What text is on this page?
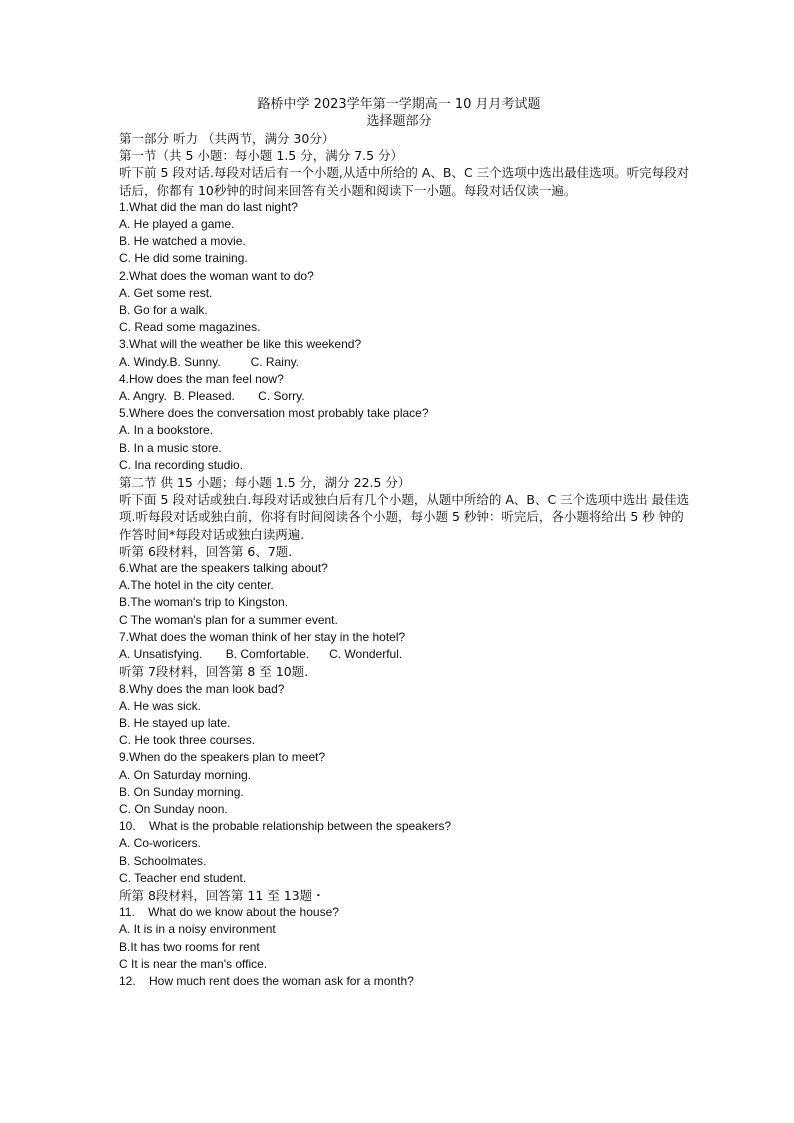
路桥中学 2023学年第一学期高一 10 月月考试题
选择题部分
第一部分 听力 （共两节，满分 30分）
第一节（共 5 小题：每小题 1.5 分，满分 7.5 分）
听下前 5 段对话.每段对话后有一个小题,从适中所给的 A、B、C 三个选项中选出最佳选项。听完每段对话后，你都有 10秒钟的时间来回答有关小题和阅读下一小题。每段对话仅读一遍。
1.What did the man do last night?
A. He played a game.
B. He watched a movie.
C. He did some training.
2.What does the woman want to do?
A. Get some rest.
B. Go for a walk.
C. Read some magazines.
3.What will the weather be like this weekend?
A. Windy.B. Sunny.         C. Rainy.
4.How does the man feel now?
A. Angry.  B. Pleased.       C. Sorry.
5.Where does the conversation most probably take place?
A. In a bookstore.
B. In a music store.
C. Ina recording studio.
第二节 供 15 小题；每小题 1.5 分，湖分 22.5 分）
听下面 5 段对话或独白.每段对话或独白后有几个小题，从题中所给的 A、B、C 三个选项中选出 最佳选项.听每段对话或独白前，你将有时间阅读各个小题，每小题 5 秒钟：听完后，各小题将给出 5 秒 钟的作答时间*每段对话或独白读两遍.
听第 6段材料，回答第 6、7题.
6.What are the speakers talking about?
A.The hotel in the city center.
B.The woman's trip to Kingston.
C The woman's plan for a summer event.
7.What does the woman think of her stay in the hotel?
A. Unsatisfying.       B. Comfortable.      C. Wonderful.
听第 7段材料，回答第 8 至 10题.
8.Why does the man look bad?
A. He was sick.
B. He stayed up late.
C. He took three courses.
9.When do the speakers plan to meet?
A. On Saturday morning.
B. On Sunday morning.
C. On Sunday noon.
10.    What is the probable relationship between the speakers?
A. Co-woricers.
B. Schoolmates.
C. Teacher end student.
所第 8段材料，回答第 11 至 13题・
11.    What do we know about the house?
A. It is in a noisy environment
B.It has two rooms for rent
C It is near the man's office.
12.    How much rent does the woman ask for a month?
